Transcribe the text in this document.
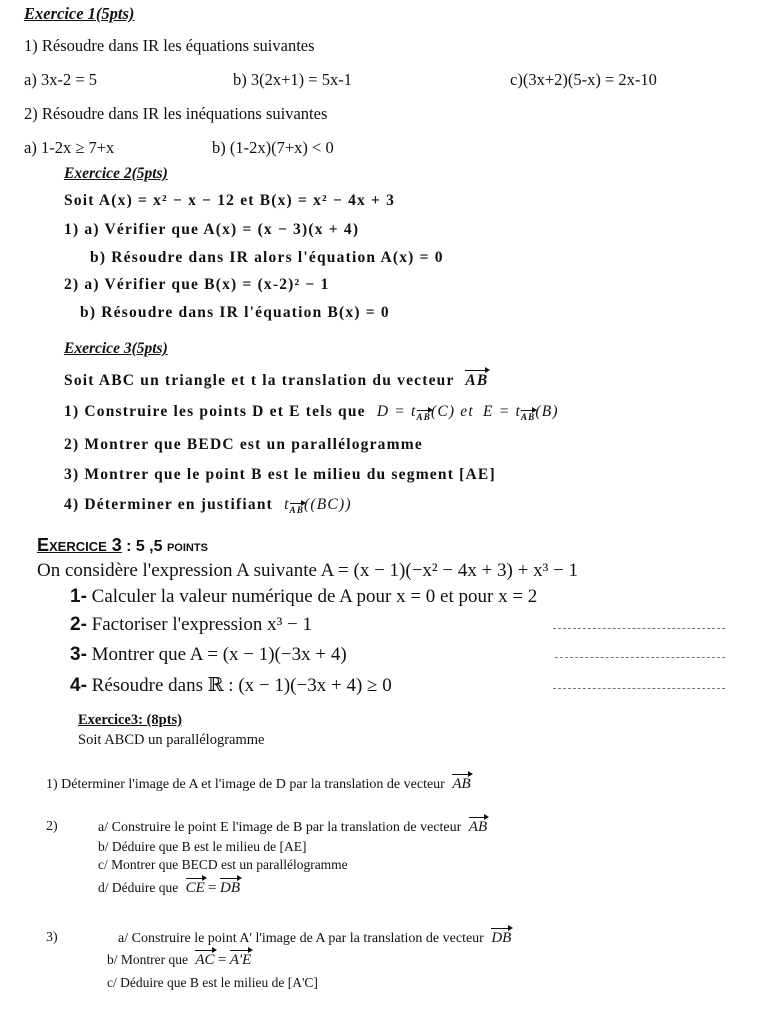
Exercice 1(5pts)
1) Résoudre dans IR les équations suivantes
a) 3x-2 = 5	b) 3(2x+1) = 5x-1	c)(3x+2)(5-x) = 2x-10
2) Résoudre dans IR les inéquations suivantes
a) 1-2x ≥ 7+x	b) (1-2x)(7+x) < 0
Exercice 2(5pts)
Soit A(x) = x² − x − 12 et B(x) = x² − 4x + 3
1) a) Vérifier que A(x) = (x − 3)(x + 4)
b) Résoudre dans IR alors l'équation A(x) = 0
2) a) Vérifier que B(x) = (x-2)² − 1
b) Résoudre dans IR l'équation B(x) = 0
Exercice 3(5pts)
Soit ABC un triangle et t la translation du vecteur AB
1) Construire les points D et E tels que D = tAB(C) et E = tAB(B)
2) Montrer que BEDC est un parallélogramme
3) Montrer que le point B est le milieu du segment [AE]
4) Déterminer en justifiant tAB((BC))
Exercice 3 : 5 ,5 points
On considère l'expression A suivante A = (x − 1)(−x² − 4x + 3) + x³ − 1
1- Calculer la valeur numérique de A pour x = 0 et pour x = 2
2- Factoriser l'expression x³ − 1
3- Montrer que A = (x − 1)(−3x + 4)
4- Résoudre dans ℝ : (x − 1)(−3x + 4) ≥ 0
Exercice3: (8pts)
Soit ABCD un parallélogramme
1) Déterminer l'image de A et l'image de D par la translation de vecteur AB
2)	a/ Construire le point E l'image de B par la translation de vecteur AB
b/ Déduire que B est le milieu de [AE]
c/ Montrer que BECD est un parallélogramme
d/ Déduire que CE = DB
3)	a/ Construire le point A' l'image de A par la translation de vecteur DB
b/ Montrer que AC = A'E
c/ Déduire que B est le milieu de [A'C]
